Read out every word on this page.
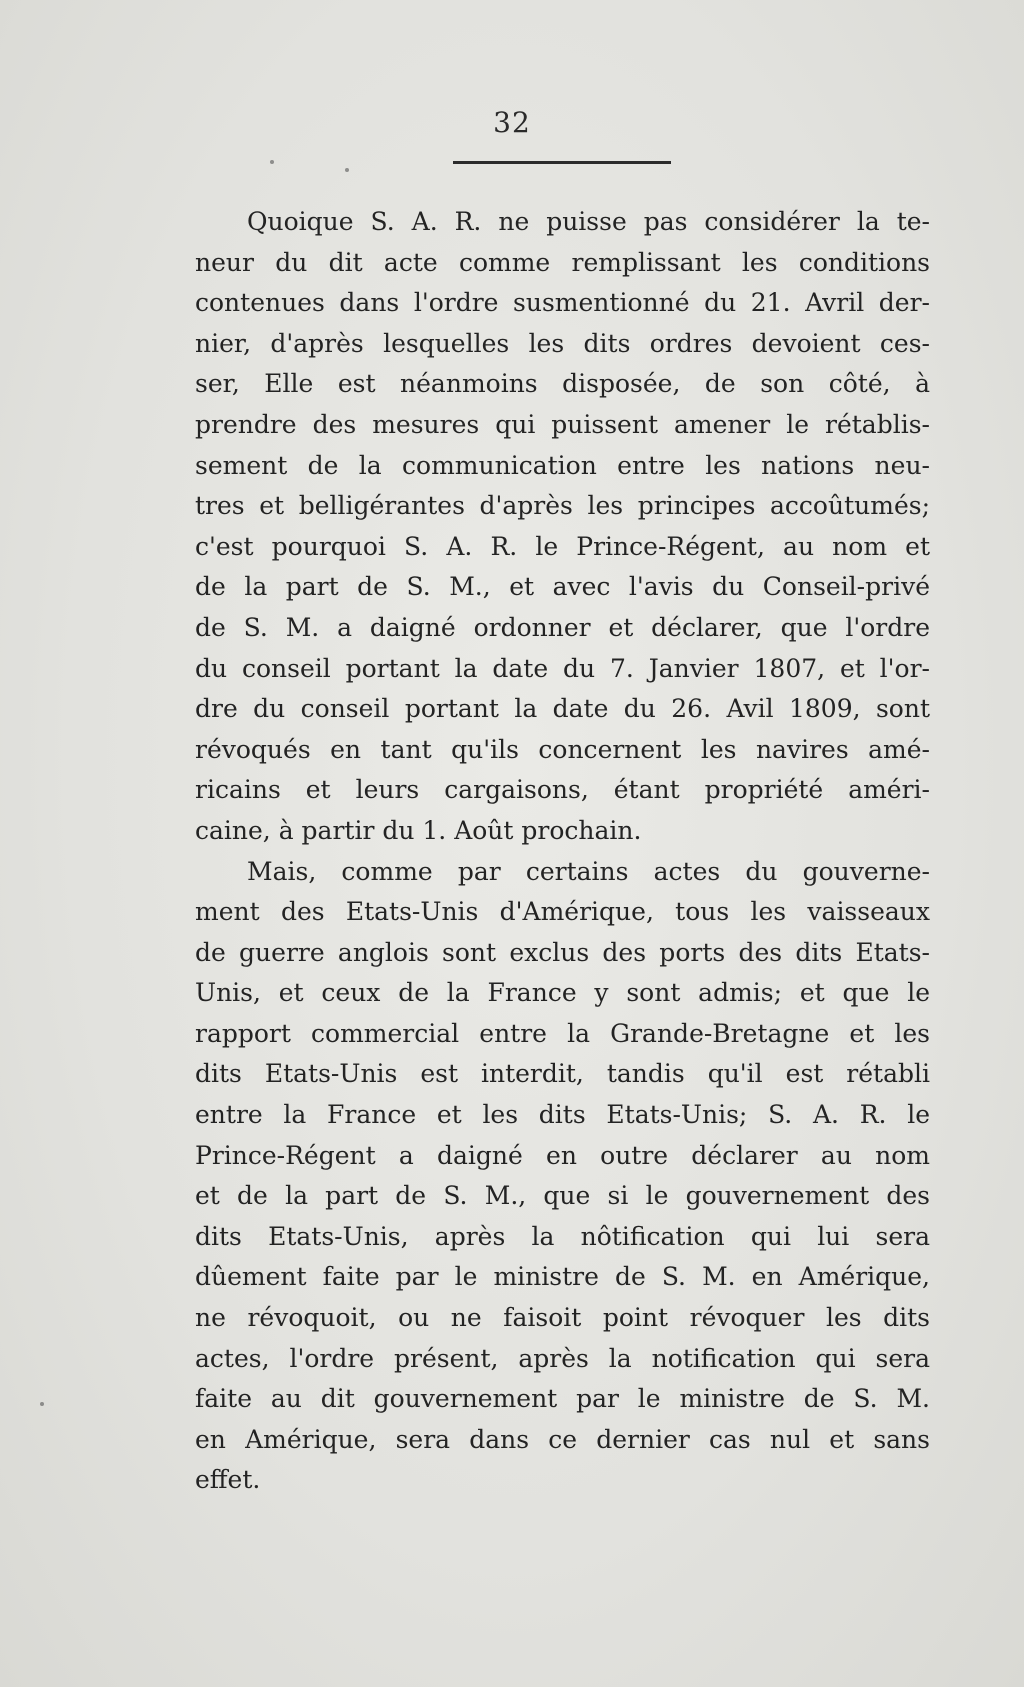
32
Quoique S. A. R. ne puisse pas considérer la te-
neur du dit acte comme remplissant les conditions
contenues dans l'ordre susmentionné du 21. Avril der-
nier, d'après lesquelles les dits ordres devoient ces-
ser, Elle est néanmoins disposée, de son côté, à
prendre des mesures qui puissent amener le rétablis-
sement de la communication entre les nations neu-
tres et belligérantes d'après les principes accoûtumés;
c'est pourquoi S. A. R. le Prince-Régent, au nom et
de la part de S. M., et avec l'avis du Conseil-privé
de S. M. a daigné ordonner et déclarer, que l'ordre
du conseil portant la date du 7. Janvier 1807, et l'or-
dre du conseil portant la date du 26. Avil 1809, sont
révoqués en tant qu'ils concernent les navires amé-
ricains et leurs cargaisons, étant propriété améri-
caine, à partir du 1. Août prochain.
Mais, comme par certains actes du gouverne-
ment des Etats-Unis d'Amérique, tous les vaisseaux
de guerre anglois sont exclus des ports des dits Etats-
Unis, et ceux de la France y sont admis; et que le
rapport commercial entre la Grande-Bretagne et les
dits Etats-Unis est interdit, tandis qu'il est rétabli
entre la France et les dits Etats-Unis; S. A. R. le
Prince-Régent a daigné en outre déclarer au nom
et de la part de S. M., que si le gouvernement des
dits Etats-Unis, après la nôtification qui lui sera
dûement faite par le ministre de S. M. en Amérique,
ne révoquoit, ou ne faisoit point révoquer les dits
actes, l'ordre présent, après la notification qui sera
faite au dit gouvernement par le ministre de S. M.
en Amérique, sera dans ce dernier cas nul et sans
effet.
